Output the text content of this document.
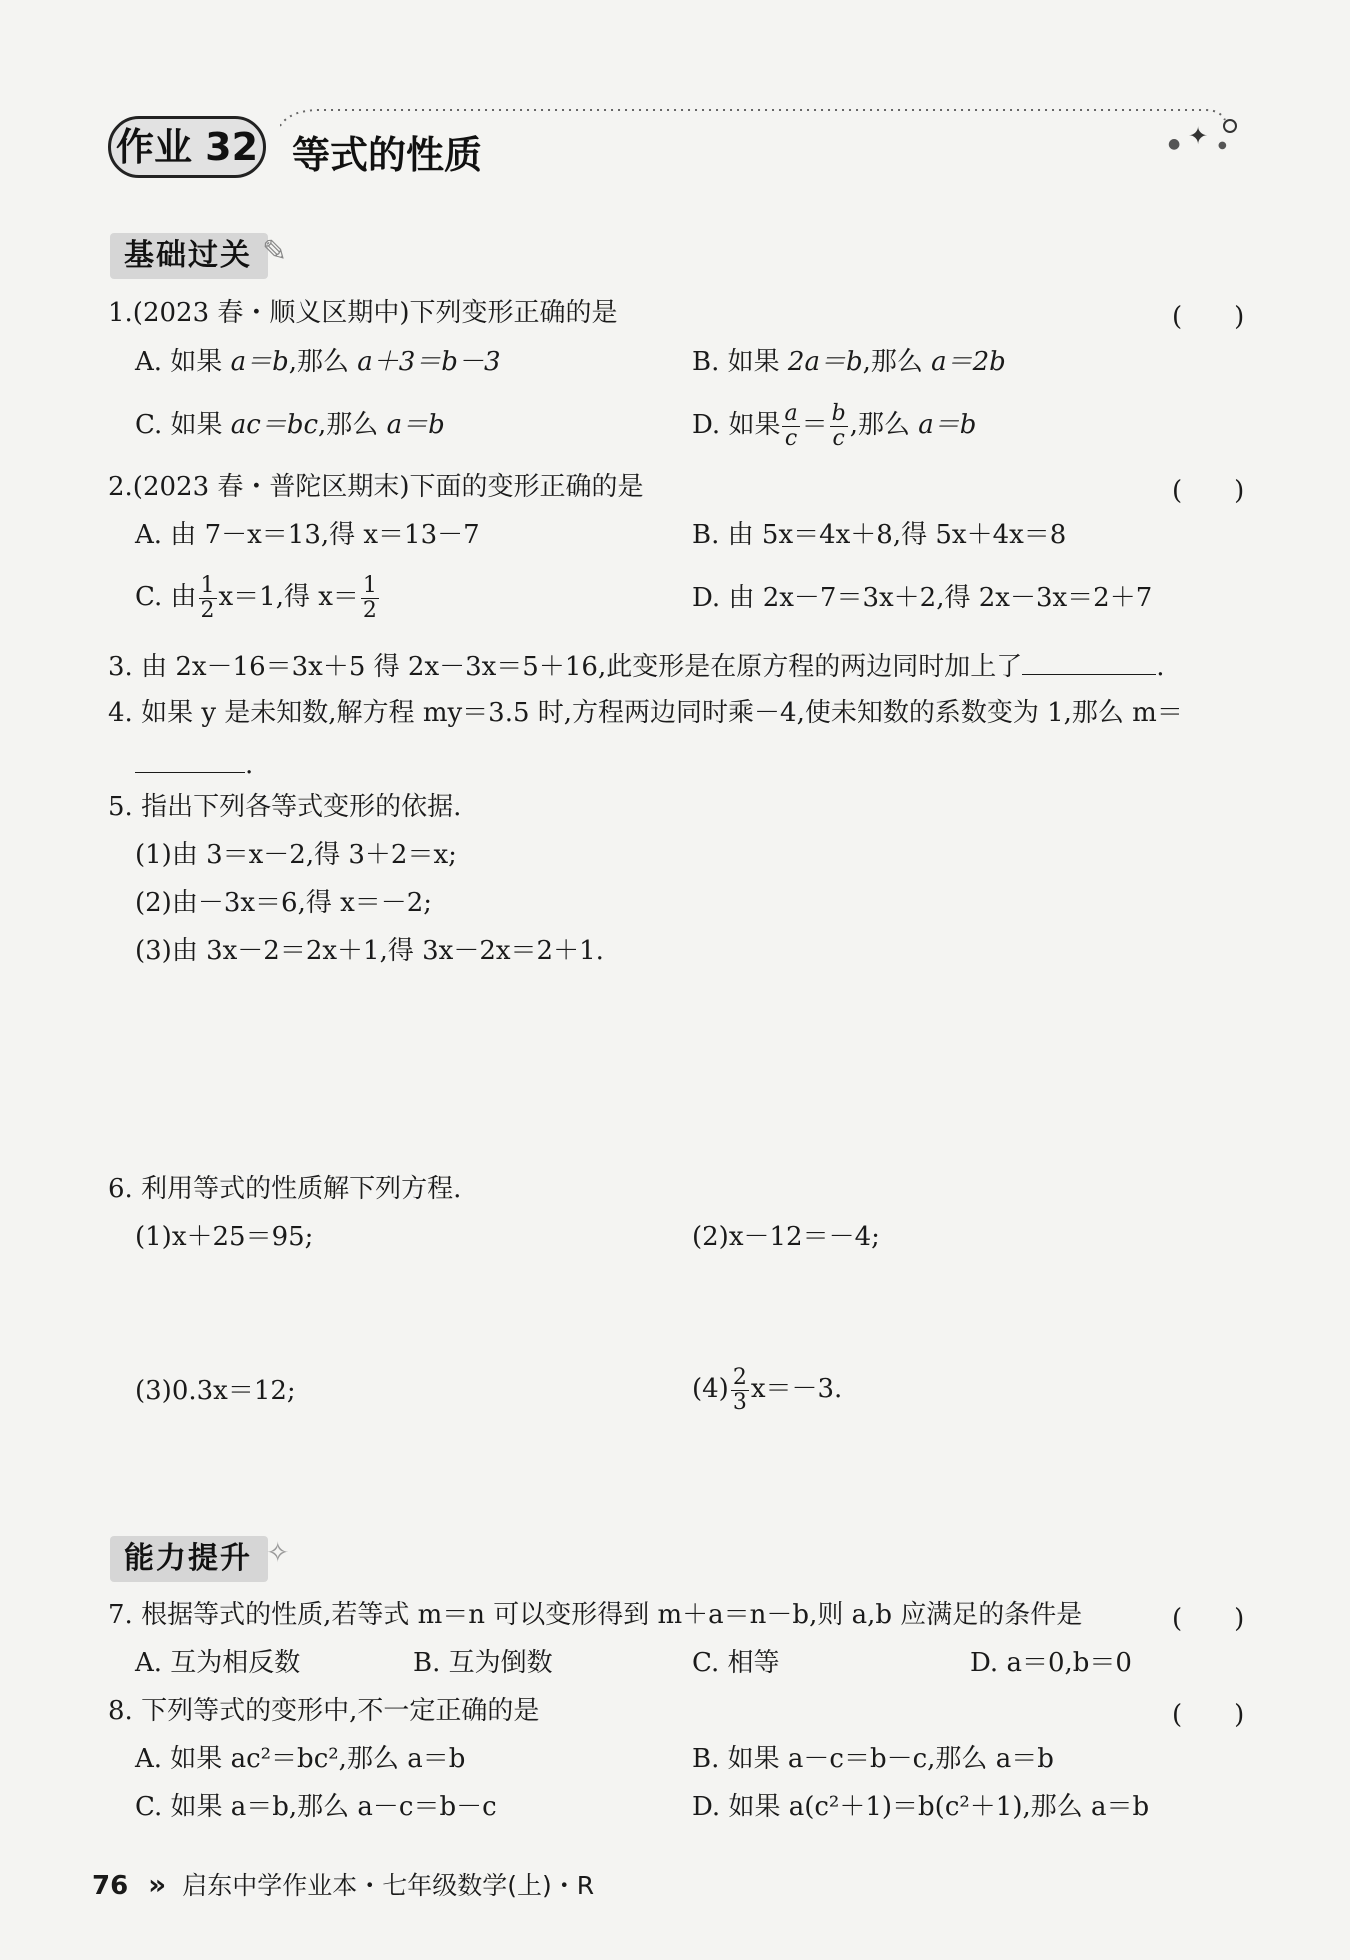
✦
●	●
作业 32 等式的性质
基础过关 ✎
1.(2023 春・顺义区期中)下列变形正确的是	(　　)
A. 如果 a＝b,那么 a＋3＝b－3	B. 如果 2a＝b,那么 a＝2b
C. 如果 ac＝bc,那么 a＝b	D. 如果 $\frac{a}{c} = \frac{b}{c}$ ,那么 a＝b
2.(2023 春・普陀区期末)下面的变形正确的是	(　　)
A. 由 7－x＝13,得 x＝13－7	B. 由 5x＝4x＋8,得 5x＋4x＝8
C. 由 $\frac{1}{2} x=1$,得 $x= \frac{1}{2}$	D. 由 2x－7＝3x＋2,得 2x－3x＝2＋7
3. 由 2x－16＝3x＋5 得 2x－3x＝5＋16,此变形是在原方程的两边同时加上了	.
4. 如果 y 是未知数,解方程 my＝3.5 时,方程两边同时乘－4,使未知数的系数变为 1,那么 m＝
.
5. 指出下列各等式变形的依据.
(1)由 3＝x－2,得 3＋2＝x;
(2)由－3x＝6,得 x＝－2;
(3)由 3x－2＝2x＋1,得 3x－2x＝2＋1.
6. 利用等式的性质解下列方程.
(1)x＋25＝95;	(2)x－12＝－4;
(3)0.3x＝12;	$(4) \frac{2}{3} x=-3$.
能力提升 ✧
7. 根据等式的性质,若等式 m＝n 可以变形得到 m＋a＝n－b,则 a,b 应满足的条件是	(　　)
A. 互为相反数	B. 互为倒数	C. 相等	D. a＝0,b＝0
8. 下列等式的变形中,不一定正确的是	(　　)
A. 如果 ac²＝bc²,那么 a＝b	B. 如果 a－c＝b－c,那么 a＝b
C. 如果 a＝b,那么 a－c＝b－c	D. 如果 a(c²＋1)＝b(c²＋1),那么 a＝b
76 » 启东中学作业本・七年级数学(上)・R
